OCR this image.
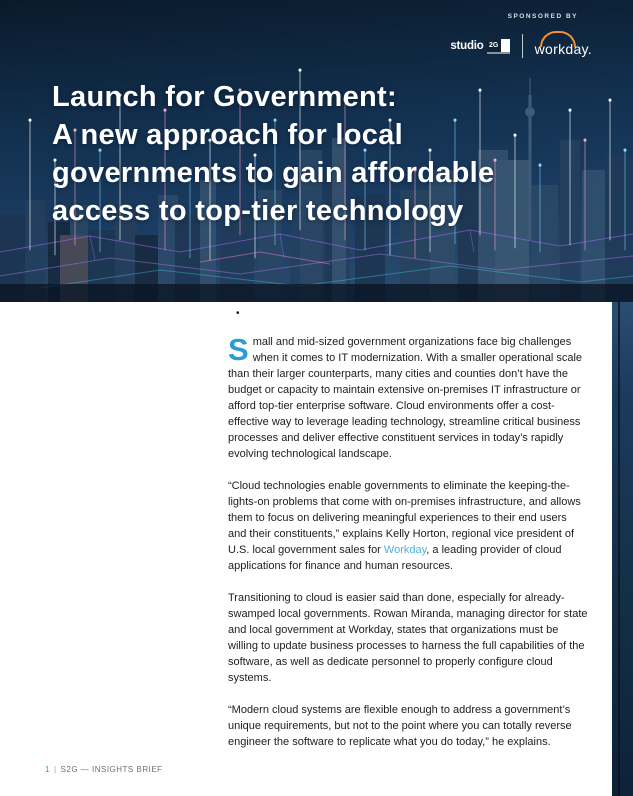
SPONSORED BY
studio 2G	workday.
Launch for Government:
A new approach for local
governments to gain affordable
access to top-tier technology
•

Small and mid-sized government organizations face big challenges when it comes to IT modernization. With a smaller operational scale than their larger counterparts, many cities and counties don’t have the budget or capacity to maintain extensive on-premises IT infrastructure or afford top-tier enterprise software. Cloud environments offer a cost-effective way to leverage leading technology, streamline critical business processes and deliver effective constituent services in today’s rapidly evolving technological landscape.

“Cloud technologies enable governments to eliminate the keeping-the-lights-on problems that come with on-premises infrastructure, and allows them to focus on delivering meaningful experiences to their end users and their constituents,” explains Kelly Horton, regional vice president of U.S. local government sales for Workday, a leading provider of cloud applications for finance and human resources.

Transitioning to cloud is easier said than done, especially for already-swamped local governments. Rowan Miranda, managing director for state and local government at Workday, states that organizations must be willing to update business processes to harness the full capabilities of the software, as well as dedicate personnel to properly configure cloud systems.

“Modern cloud systems are flexible enough to address a government’s unique requirements, but not to the point where you can totally reverse engineer the software to replicate what you do today,” he explains.

1 | S2G — INSIGHTS BRIEF
